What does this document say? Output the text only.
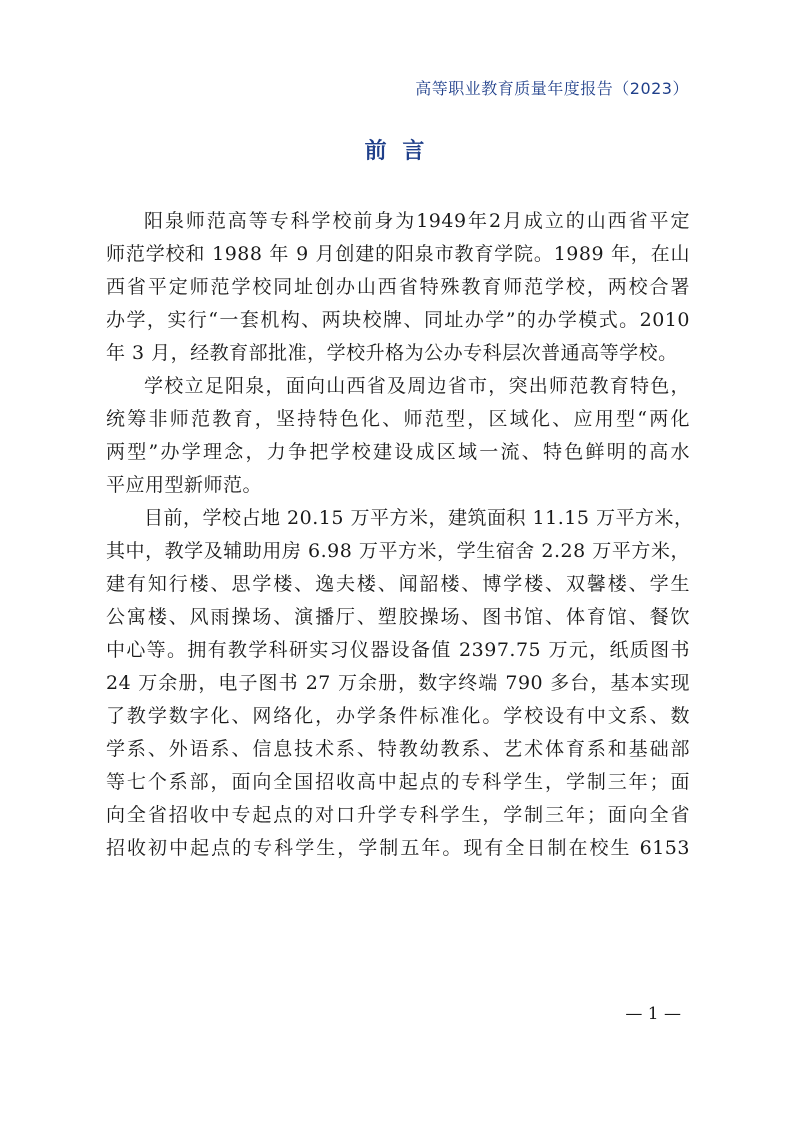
高等职业教育质量年度报告（2023）
前 言

阳泉师范高等专科学校前身为1949年2月成立的山西省平定
师范学校和 1988 年 9 月创建的阳泉市教育学院。1989 年，在山
西省平定师范学校同址创办山西省特殊教育师范学校，两校合署
办学，实行“一套机构、两块校牌、同址办学”的办学模式。2010
年 3 月，经教育部批准，学校升格为公办专科层次普通高等学校。

学校立足阳泉，面向山西省及周边省市，突出师范教育特色，
统筹非师范教育，坚持特色化、师范型，区域化、应用型“两化
两型”办学理念，力争把学校建设成区域一流、特色鲜明的高水
平应用型新师范。

目前，学校占地 20.15 万平方米，建筑面积 11.15 万平方米，
其中，教学及辅助用房 6.98 万平方米，学生宿舍 2.28 万平方米，
建有知行楼、思学楼、逸夫楼、闻韶楼、博学楼、双馨楼、学生
公寓楼、风雨操场、演播厅、塑胶操场、图书馆、体育馆、餐饮
中心等。拥有教学科研实习仪器设备值 2397.75 万元，纸质图书
24 万余册，电子图书 27 万余册，数字终端 790 多台，基本实现
了教学数字化、网络化，办学条件标准化。学校设有中文系、数
学系、外语系、信息技术系、特教幼教系、艺术体育系和基础部
等七个系部，面向全国招收高中起点的专科学生，学制三年；面
向全省招收中专起点的对口升学专科学生，学制三年；面向全省
招收初中起点的专科学生，学制五年。现有全日制在校生 6153

— 1 —
